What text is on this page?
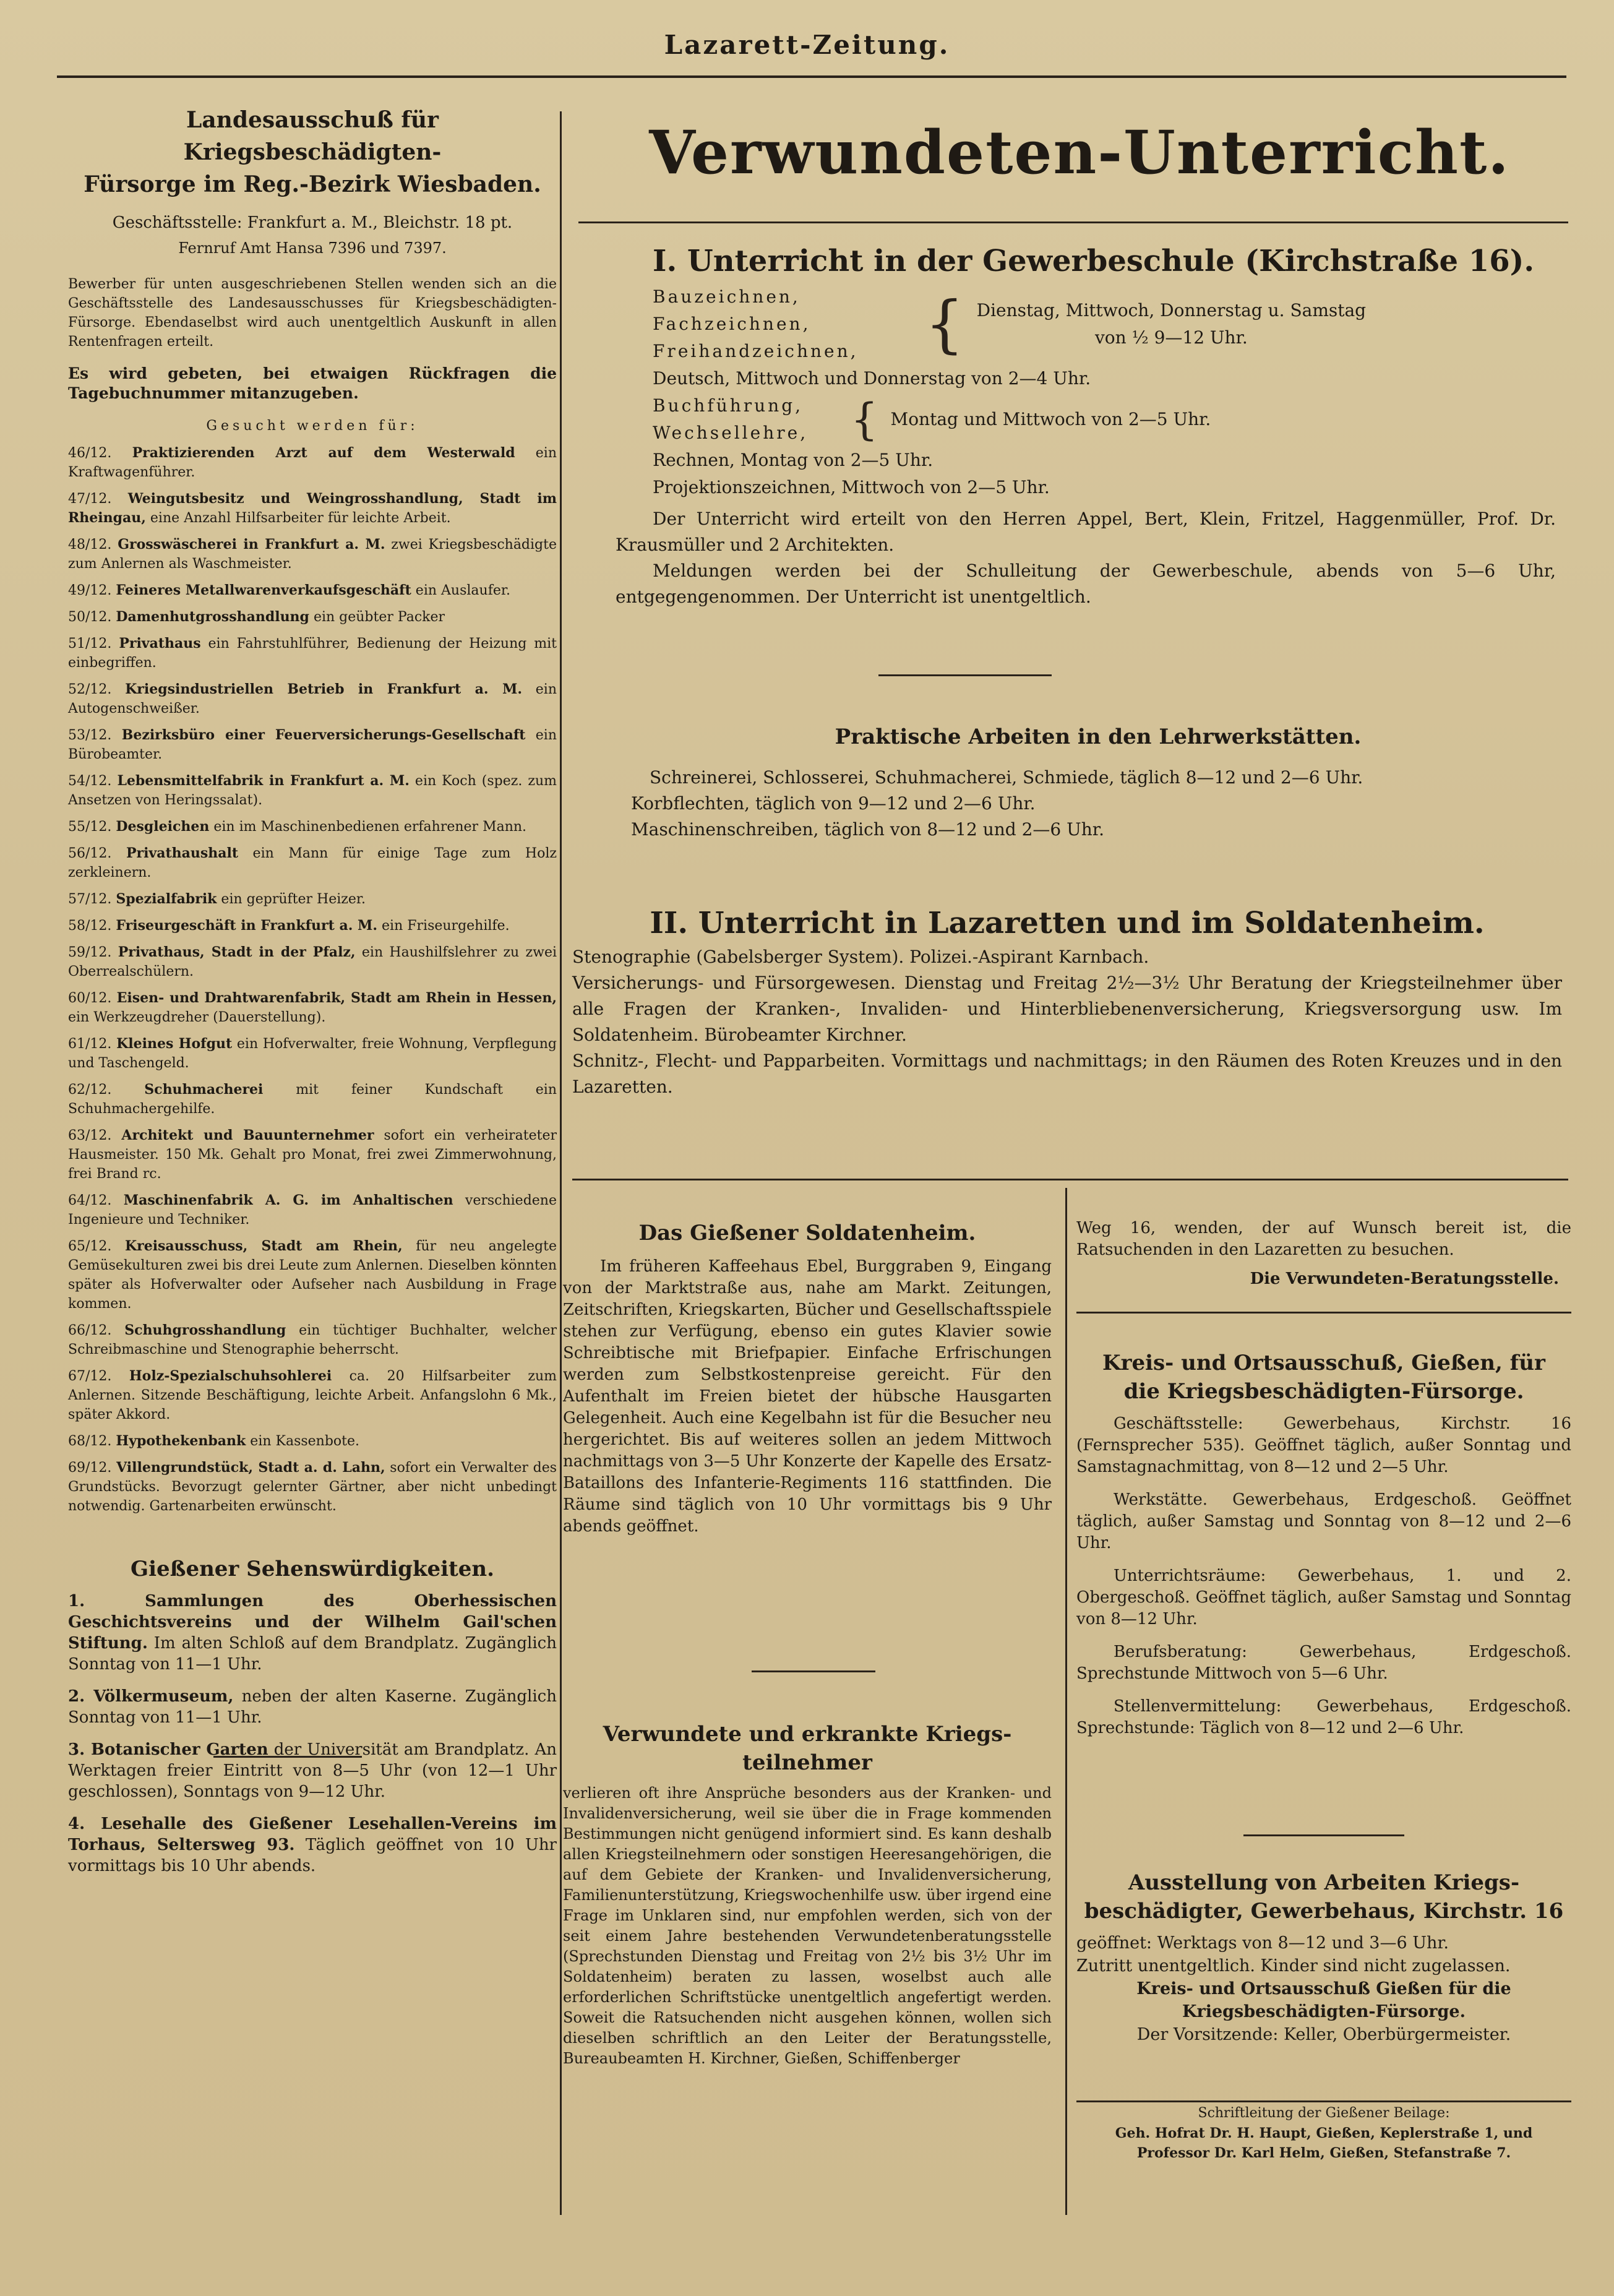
Lazarett-Zeitung.
Landesausschuß für Kriegsbeschädigten-
Fürsorge im Reg.-Bezirk Wiesbaden.
Geschäftsstelle: Frankfurt a. M., Bleichstr. 18 pt.
Fernruf Amt Hansa 7396 und 7397.

Bewerber für unten ausgeschriebenen Stellen wenden sich an die Geschäftsstelle des Landesausschusses für Kriegsbeschädigten-Fürsorge. Ebendaselbst wird auch unentgeltlich Auskunft in allen Rentenfragen erteilt.

Es wird gebeten, bei etwaigen Rückfragen die Tagebuchnummer mitanzugeben.

Gesucht werden für:

46/12. Praktizierenden Arzt auf dem Westerwald ein Kraftwagenführer.

47/12. Weingutsbesitz und Weingrosshandlung, Stadt im Rheingau, eine Anzahl Hilfsarbeiter für leichte Arbeit.

48/12. Grosswäscherei in Frankfurt a. M. zwei Kriegsbeschädigte zum Anlernen als Waschmeister.

49/12. Feineres Metallwarenverkaufsgeschäft ein Auslaufer.

50/12. Damenhutgrosshandlung ein geübter Packer

51/12. Privathaus ein Fahrstuhlführer, Bedienung der Heizung mit einbegriffen.

52/12. Kriegsindustriellen Betrieb in Frankfurt a. M. ein Autogenschweißer.

53/12. Bezirksbüro einer Feuerversicherungs-Gesellschaft ein Bürobeamter.

54/12. Lebensmittelfabrik in Frankfurt a. M. ein Koch (spez. zum Ansetzen von Heringssalat).

55/12. Desgleichen ein im Maschinenbedienen erfahrener Mann.

56/12. Privathaushalt ein Mann für einige Tage zum Holz zerkleinern.

57/12. Spezialfabrik ein geprüfter Heizer.

58/12. Friseurgeschäft in Frankfurt a. M. ein Friseurgehilfe.

59/12. Privathaus, Stadt in der Pfalz, ein Haushilfslehrer zu zwei Oberrealschülern.

60/12. Eisen- und Drahtwarenfabrik, Stadt am Rhein in Hessen, ein Werkzeugdreher (Dauerstellung).

61/12. Kleines Hofgut ein Hofverwalter, freie Wohnung, Verpflegung und Taschengeld.

62/12. Schuhmacherei mit feiner Kundschaft ein Schuhmachergehilfe.

63/12. Architekt und Bauunternehmer sofort ein verheirateter Hausmeister. 150 Mk. Gehalt pro Monat, frei zwei Zimmerwohnung, frei Brand rc.

64/12. Maschinenfabrik A. G. im Anhaltischen verschiedene Ingenieure und Techniker.

65/12. Kreisausschuss, Stadt am Rhein, für neu angelegte Gemüsekulturen zwei bis drei Leute zum Anlernen. Dieselben könnten später als Hofverwalter oder Aufseher nach Ausbildung in Frage kommen.

66/12. Schuhgrosshandlung ein tüchtiger Buchhalter, welcher Schreibmaschine und Stenographie beherrscht.

67/12. Holz-Spezialschuhsohlerei ca. 20 Hilfsarbeiter zum Anlernen. Sitzende Beschäftigung, leichte Arbeit. Anfangslohn 6 Mk., später Akkord.

68/12. Hypothekenbank ein Kassenbote.

69/12. Villengrundstück, Stadt a. d. Lahn, sofort ein Verwalter des Grundstücks. Bevorzugt gelernter Gärtner, aber nicht unbedingt notwendig. Gartenarbeiten erwünscht.

Gießener Sehenswürdigkeiten.

1. Sammlungen des Oberhessischen Geschichtsvereins und der Wilhelm Gail'schen Stiftung. Im alten Schloß auf dem Brandplatz. Zugänglich Sonntag von 11—1 Uhr.

2. Völkermuseum, neben der alten Kaserne. Zugänglich Sonntag von 11—1 Uhr.

3. Botanischer Garten der Universität am Brandplatz. An Werktagen freier Eintritt von 8—5 Uhr (von 12—1 Uhr geschlossen), Sonntags von 9—12 Uhr.

4. Lesehalle des Gießener Lesehallen-Vereins im Torhaus, Seltersweg 93. Täglich geöffnet von 10 Uhr vormittags bis 10 Uhr abends.

Verwundeten-Unterricht.
I. Unterricht in der Gewerbeschule (Kirchstraße 16).
Bauzeichnen,
Fachzeichnen,
Freihandzeichnen,	{ Dienstag, Mittwoch, Donnerstag u. Samstag
von ½ 9—12 Uhr.
Deutsch, Mittwoch und Donnerstag von 2—4 Uhr.
Buchführung,
Wechsellehre, { Montag und Mittwoch von 2—5 Uhr.
Rechnen, Montag von 2—5 Uhr.
Projektionszeichnen, Mittwoch von 2—5 Uhr.

Der Unterricht wird erteilt von den Herren Appel, Bert, Klein, Fritzel, Haggenmüller, Prof. Dr. Krausmüller und 2 Architekten.

Meldungen werden bei der Schulleitung der Gewerbeschule, abends von 5—6 Uhr, entgegengenommen. Der Unterricht ist unentgeltlich.

Praktische Arbeiten in den Lehrwerkstätten.
Schreinerei, Schlosserei, Schuhmacherei, Schmiede, täglich 8—12 und 2—6 Uhr.
Korbflechten, täglich von 9—12 und 2—6 Uhr.
Maschinenschreiben, täglich von 8—12 und 2—6 Uhr.
II. Unterricht in Lazaretten und im Soldatenheim.

Stenographie (Gabelsberger System). Polizei.-Aspirant Karnbach.

Versicherungs- und Fürsorgewesen. Dienstag und Freitag 2½—3½ Uhr Beratung der Kriegsteilnehmer über alle Fragen der Kranken-, Invaliden- und Hinterbliebenenversicherung, Kriegsversorgung usw. Im Soldatenheim. Bürobeamter Kirchner.

Schnitz-, Flecht- und Papparbeiten. Vormittags und nachmittags; in den Räumen des Roten Kreuzes und in den Lazaretten.

Das Gießener Soldatenheim.

Im früheren Kaffeehaus Ebel, Burggraben 9, Eingang von der Marktstraße aus, nahe am Markt. Zeitungen, Zeitschriften, Kriegskarten, Bücher und Gesellschaftsspiele stehen zur Verfügung, ebenso ein gutes Klavier sowie Schreibtische mit Briefpapier. Einfache Erfrischungen werden zum Selbstkostenpreise gereicht. Für den Aufenthalt im Freien bietet der hübsche Hausgarten Gelegenheit. Auch eine Kegelbahn ist für die Besucher neu hergerichtet. Bis auf weiteres sollen an jedem Mittwoch nachmittags von 3—5 Uhr Konzerte der Kapelle des Ersatz-Bataillons des Infanterie-Regiments 116 stattfinden. Die Räume sind täglich von 10 Uhr vormittags bis 9 Uhr abends geöffnet.

Verwundete und erkrankte Kriegs-
teilnehmer

verlieren oft ihre Ansprüche besonders aus der Kranken- und Invalidenversicherung, weil sie über die in Frage kommenden Bestimmungen nicht genügend informiert sind. Es kann deshalb allen Kriegsteilnehmern oder sonstigen Heeresangehörigen, die auf dem Gebiete der Kranken- und Invalidenversicherung, Familienunterstützung, Kriegswochenhilfe usw. über irgend eine Frage im Unklaren sind, nur empfohlen werden, sich von der seit einem Jahre bestehenden Verwundetenberatungsstelle (Sprechstunden Dienstag und Freitag von 2½ bis 3½ Uhr im Soldatenheim) beraten zu lassen, woselbst auch alle erforderlichen Schriftstücke unentgeltlich angefertigt werden. Soweit die Ratsuchenden nicht ausgehen können, wollen sich dieselben schriftlich an den Leiter der Beratungsstelle, Bureaubeamten H. Kirchner, Gießen, Schiffenberger

Weg 16, wenden, der auf Wunsch bereit ist, die Ratsuchenden in den Lazaretten zu besuchen.

Die Verwundeten-Beratungsstelle.
Kreis- und Ortsausschuß, Gießen, für
die Kriegsbeschädigten-Fürsorge.

Geschäftsstelle: Gewerbehaus, Kirchstr. 16 (Fernsprecher 535). Geöffnet täglich, außer Sonntag und Samstagnachmittag, von 8—12 und 2—5 Uhr.

Werkstätte. Gewerbehaus, Erdgeschoß. Geöffnet täglich, außer Samstag und Sonntag von 8—12 und 2—6 Uhr.

Unterrichtsräume: Gewerbehaus, 1. und 2. Obergeschoß. Geöffnet täglich, außer Samstag und Sonntag von 8—12 Uhr.

Berufsberatung: Gewerbehaus, Erdgeschoß. Sprechstunde Mittwoch von 5—6 Uhr.

Stellenvermittelung: Gewerbehaus, Erdgeschoß. Sprechstunde: Täglich von 8—12 und 2—6 Uhr.

Ausstellung von Arbeiten Kriegs-
beschädigter, Gewerbehaus, Kirchstr. 16
geöffnet: Werktags von 8—12 und 3—6 Uhr.
Zutritt unentgeltlich. Kinder sind nicht zugelassen.
Kreis- und Ortsausschuß Gießen für die
Kriegsbeschädigten-Fürsorge.
Der Vorsitzende: Keller, Oberbürgermeister.
Schriftleitung der Gießener Beilage:
Geh. Hofrat Dr. H. Haupt, Gießen, Keplerstraße 1, und
Professor Dr. Karl Helm, Gießen, Stefanstraße 7.
